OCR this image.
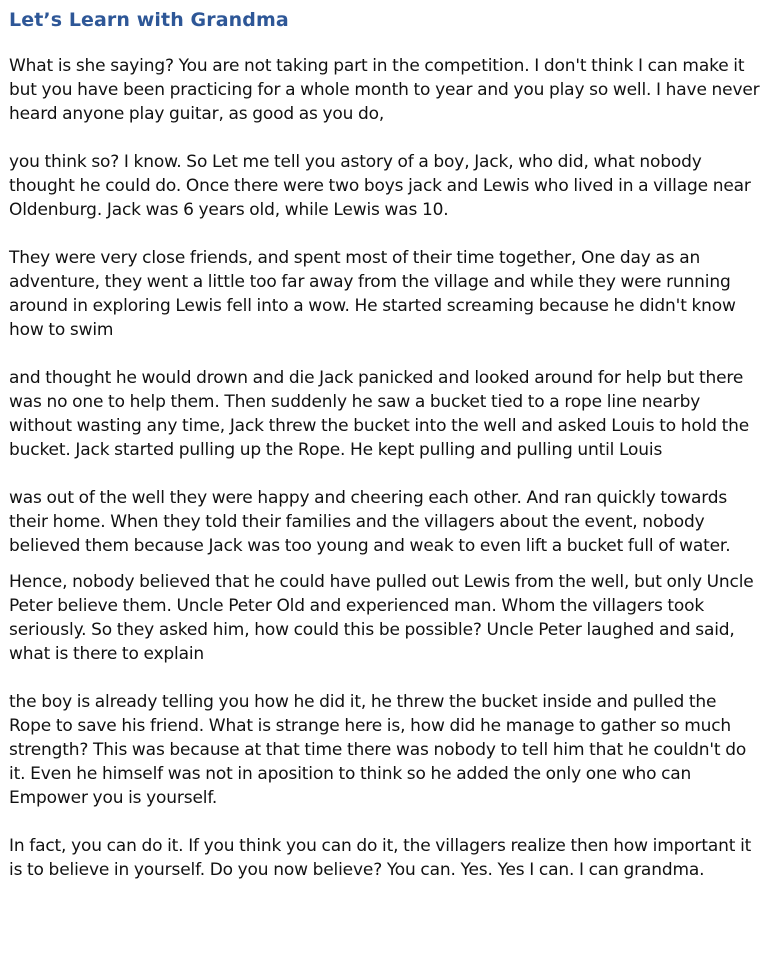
Let’s Learn with Grandma

What is she saying? You are not taking part in the competition. I don't think I can make it but you have been practicing for a whole month to year and you play so well. I have never heard anyone play guitar, as good as you do,

you think so? I know. So Let me tell you astory of a boy, Jack, who did, what nobody thought he could do. Once there were two boys jack and Lewis who lived in a village near Oldenburg. Jack was 6 years old, while Lewis was 10.

They were very close friends, and spent most of their time together, One day as an adventure, they went a little too far away from the village and while they were running around in exploring Lewis fell into a wow. He started screaming because he didn't know how to swim

and thought he would drown and die Jack panicked and looked around for help but there was no one to help them. Then suddenly he saw a bucket tied to a rope line nearby without wasting any time, Jack threw the bucket into the well and asked Louis to hold the bucket. Jack started pulling up the Rope. He kept pulling and pulling until Louis

was out of the well they were happy and cheering each other. And ran quickly towards their home. When they told their families and the villagers about the event, nobody believed them because Jack was too young and weak to even lift a bucket full of water.

Hence, nobody believed that he could have pulled out Lewis from the well, but only Uncle Peter believe them. Uncle Peter Old and experienced man. Whom the villagers took seriously. So they asked him, how could this be possible? Uncle Peter laughed and said, what is there to explain

the boy is already telling you how he did it, he threw the bucket inside and pulled the Rope to save his friend. What is strange here is, how did he manage to gather so much strength? This was because at that time there was nobody to tell him that he couldn't do it. Even he himself was not in aposition to think so he added the only one who can Empower you is yourself.

In fact, you can do it. If you think you can do it, the villagers realize then how important it is to believe in yourself. Do you now believe? You can. Yes. Yes I can. I can grandma.
